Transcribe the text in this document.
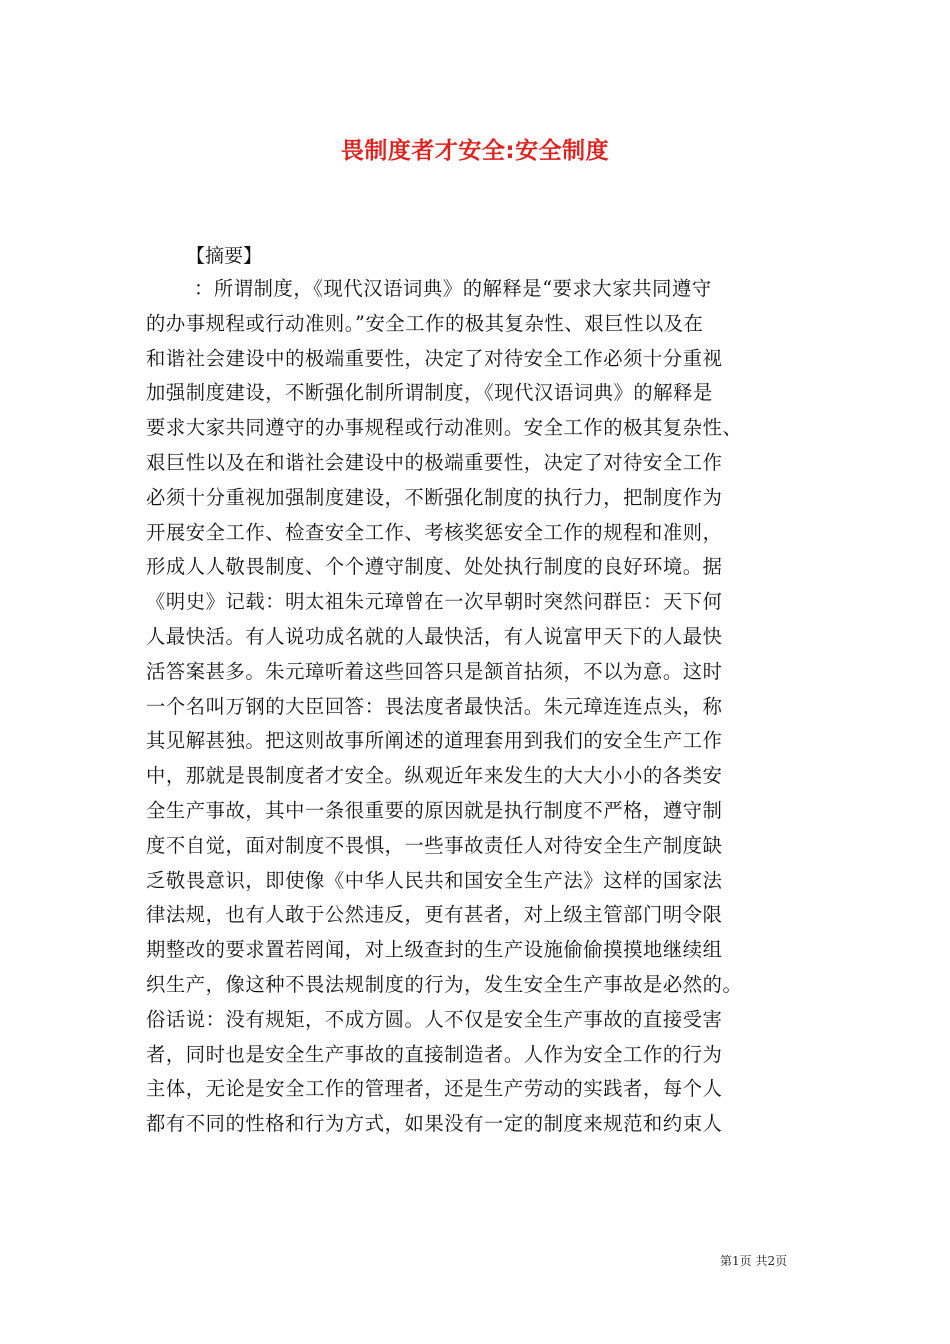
畏制度者才安全:安全制度
【摘要】
：所谓制度，《现代汉语词典》的解释是“要求大家共同遵守
的办事规程或行动准则。”安全工作的极其复杂性、艰巨性以及在
和谐社会建设中的极端重要性，决定了对待安全工作必须十分重视
加强制度建设，不断强化制所谓制度，《现代汉语词典》的解释是
要求大家共同遵守的办事规程或行动准则。安全工作的极其复杂性、
艰巨性以及在和谐社会建设中的极端重要性，决定了对待安全工作
必须十分重视加强制度建设，不断强化制度的执行力，把制度作为
开展安全工作、检查安全工作、考核奖惩安全工作的规程和准则，
形成人人敬畏制度、个个遵守制度、处处执行制度的良好环境。据
《明史》记载：明太祖朱元璋曾在一次早朝时突然问群臣：天下何
人最快活。有人说功成名就的人最快活，有人说富甲天下的人最快
活答案甚多。朱元璋听着这些回答只是颔首拈须，不以为意。这时
一个名叫万钢的大臣回答：畏法度者最快活。朱元璋连连点头，称
其见解甚独。把这则故事所阐述的道理套用到我们的安全生产工作
中，那就是畏制度者才安全。纵观近年来发生的大大小小的各类安
全生产事故，其中一条很重要的原因就是执行制度不严格，遵守制
度不自觉，面对制度不畏惧，一些事故责任人对待安全生产制度缺
乏敬畏意识，即使像《中华人民共和国安全生产法》这样的国家法
律法规，也有人敢于公然违反，更有甚者，对上级主管部门明令限
期整改的要求置若罔闻，对上级查封的生产设施偷偷摸摸地继续组
织生产，像这种不畏法规制度的行为，发生安全生产事故是必然的。
俗话说：没有规矩，不成方圆。人不仅是安全生产事故的直接受害
者，同时也是安全生产事故的直接制造者。人作为安全工作的行为
主体，无论是安全工作的管理者，还是生产劳动的实践者，每个人
都有不同的性格和行为方式，如果没有一定的制度来规范和约束人
第1页 共2页
